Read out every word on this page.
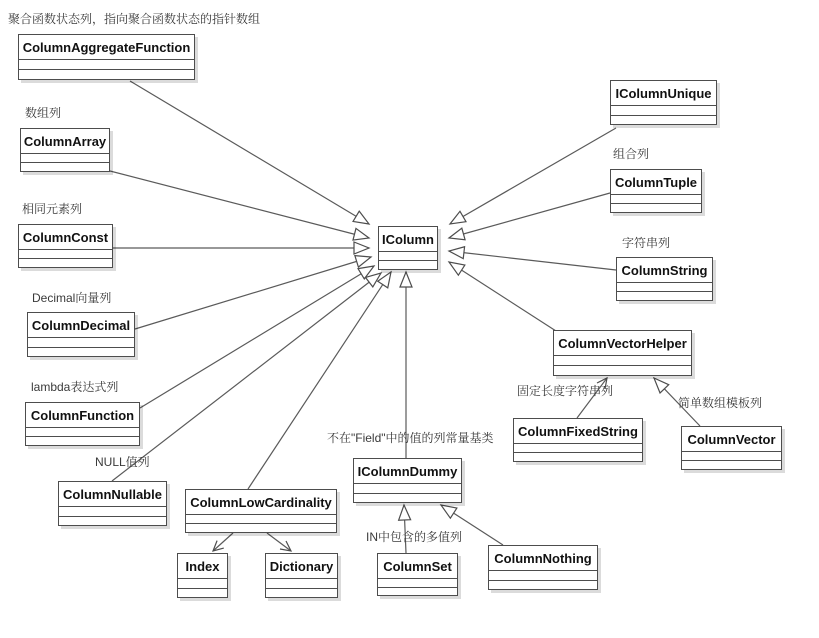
ColumnAggregateFunction
ColumnArray
ColumnConst
ColumnDecimal
ColumnFunction
ColumnNullable
ColumnLowCardinality
Index	Dictionary
IColumn
IColumnUnique
ColumnTuple
ColumnString
ColumnVectorHelper
ColumnFixedString
ColumnVector
IColumnDummy
ColumnSet
ColumnNothing
聚合函数状态列，指向聚合函数状态的指针数组
数组列
相同元素列
Decimal向量列
lambda表达式列
NULL值列
组合列
字符串列
固定长度字符串列
简单数组模板列
不在"Field"中的值的列常量基类
IN中包含的多值列
